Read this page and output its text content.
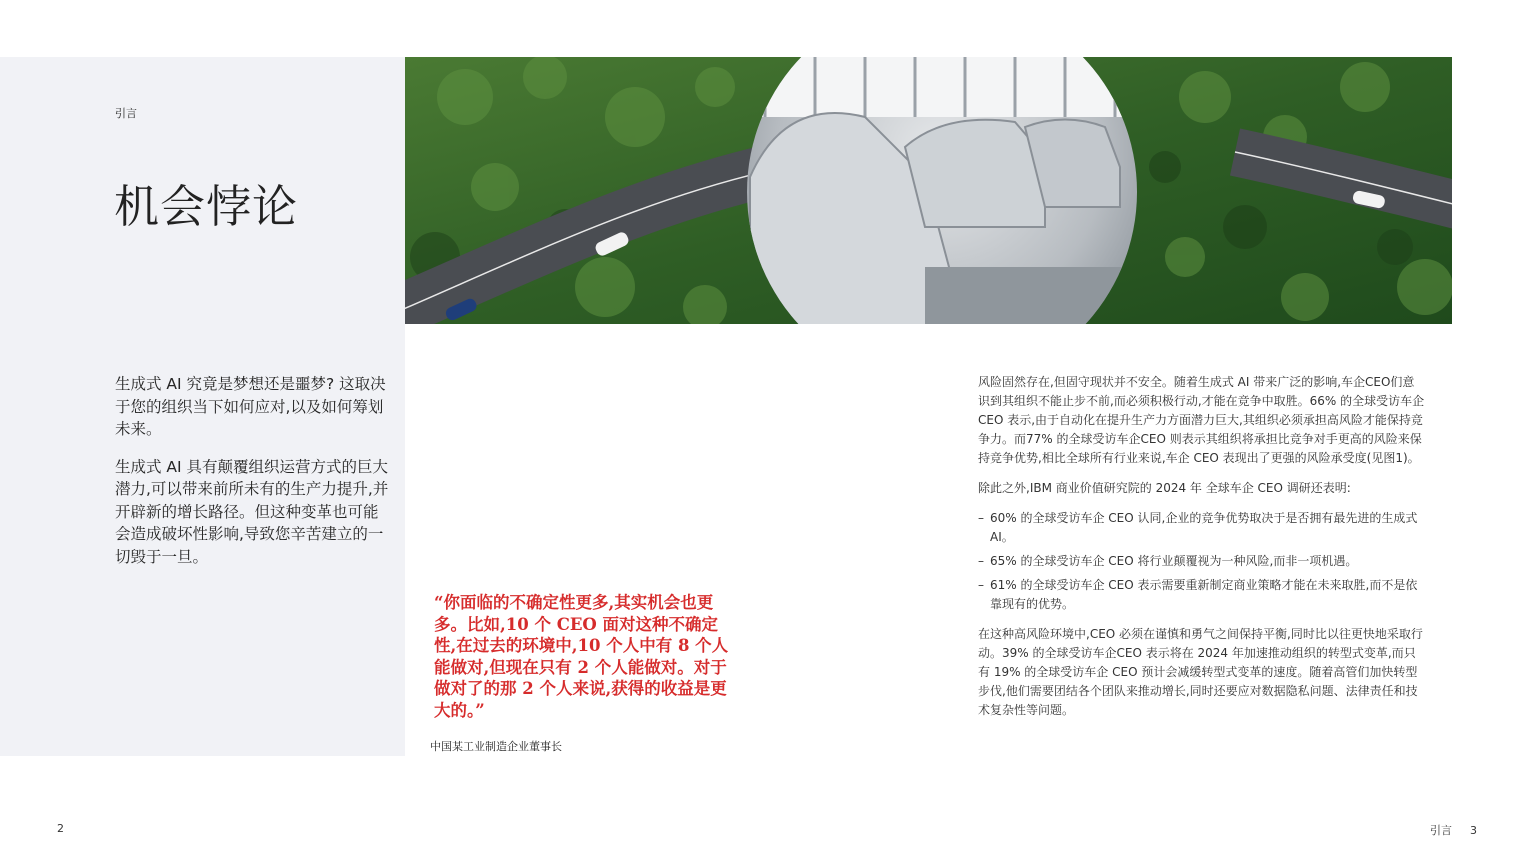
引言
机会悖论

生成式 AI 究竟是梦想还是噩梦? 这取决于您的组织当下如何应对,以及如何筹划未来。

生成式 AI 具有颠覆组织运营方式的巨大潜力,可以带来前所未有的生产力提升,并开辟新的增长路径。但这种变革也可能会造成破坏性影响,导致您辛苦建立的一切毁于一旦。

“你面临的不确定性更多,其实机会也更多。比如,10 个 CEO 面对这种不确定性,在过去的环境中,10 个人中有 8 个人能做对,但现在只有 2 个人能做对。对于做对了的那 2 个人来说,获得的收益是更大的。”
中国某工业制造企业董事长

风险固然存在,但固守现状并不安全。随着生成式 AI 带来广泛的影响,车企CEO们意识到其组织不能止步不前,而必须积极行动,才能在竞争中取胜。66% 的全球受访车企CEO 表示,由于自动化在提升生产力方面潜力巨大,其组织必须承担高风险才能保持竞争力。而77% 的全球受访车企CEO 则表示其组织将承担比竞争对手更高的风险来保持竞争优势,相比全球所有行业来说,车企 CEO 表现出了更强的风险承受度(见图1)。

除此之外,IBM 商业价值研究院的 2024 年 全球车企 CEO 调研还表明:

– 60% 的全球受访车企 CEO 认同,企业的竞争优势取决于是否拥有最先进的生成式AI。
– 65% 的全球受访车企 CEO 将行业颠覆视为一种风险,而非一项机遇。
– 61% 的全球受访车企 CEO 表示需要重新制定商业策略才能在未来取胜,而不是依靠现有的优势。

在这种高风险环境中,CEO 必须在谨慎和勇气之间保持平衡,同时比以往更快地采取行动。39% 的全球受访车企CEO 表示将在 2024 年加速推动组织的转型式变革,而只有 19% 的全球受访车企 CEO 预计会减缓转型式变革的速度。随着高管们加快转型步伐,他们需要团结各个团队来推动增长,同时还要应对数据隐私问题、法律责任和技术复杂性等问题。

2	引言 3
